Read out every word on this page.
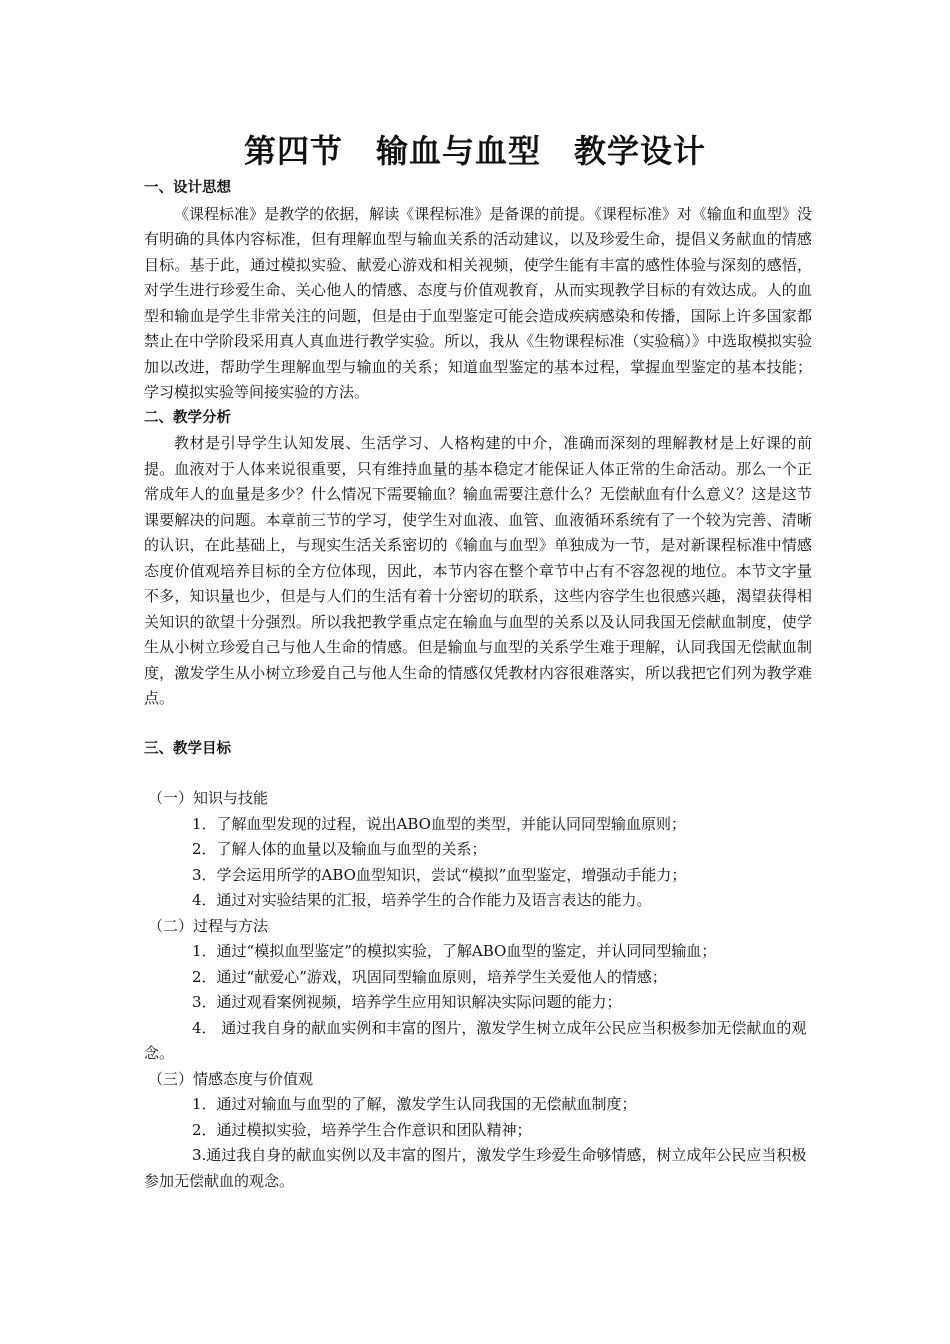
第四节　输血与血型　教学设计
一、设计思想
《课程标准》是教学的依据，解读《课程标准》是备课的前提。《课程标准》对《输血和血型》没有明确的具体内容标准，但有理解血型与输血关系的活动建议，以及珍爱生命，提倡义务献血的情感目标。基于此，通过模拟实验、献爱心游戏和相关视频，使学生能有丰富的感性体验与深刻的感悟，对学生进行珍爱生命、关心他人的情感、态度与价值观教育，从而实现教学目标的有效达成。人的血型和输血是学生非常关注的问题，但是由于血型鉴定可能会造成疾病感染和传播，国际上许多国家都禁止在中学阶段采用真人真血进行教学实验。所以，我从《生物课程标准（实验稿）》中选取模拟实验加以改进，帮助学生理解血型与输血的关系；知道血型鉴定的基本过程，掌握血型鉴定的基本技能；学习模拟实验等间接实验的方法。
二、教学分析
教材是引导学生认知发展、生活学习、人格构建的中介，准确而深刻的理解教材是上好课的前提。血液对于人体来说很重要，只有维持血量的基本稳定才能保证人体正常的生命活动。那么一个正常成年人的血量是多少？什么情况下需要输血？输血需要注意什么？无偿献血有什么意义？这是这节课要解决的问题。本章前三节的学习，使学生对血液、血管、血液循环系统有了一个较为完善、清晰的认识，在此基础上，与现实生活关系密切的《输血与血型》单独成为一节，是对新课程标准中情感态度价值观培养目标的全方位体现，因此，本节内容在整个章节中占有不容忽视的地位。本节文字量不多，知识量也少，但是与人们的生活有着十分密切的联系，这些内容学生也很感兴趣，渴望获得相关知识的欲望十分强烈。所以我把教学重点定在输血与血型的关系以及认同我国无偿献血制度，使学生从小树立珍爱自己与他人生命的情感。但是输血与血型的关系学生难于理解，认同我国无偿献血制度，激发学生从小树立珍爱自己与他人生命的情感仅凭教材内容很难落实，所以我把它们列为教学难点。
三、教学目标
（一）知识与技能
1．了解血型发现的过程，说出ABO血型的类型，并能认同同型输血原则；
2．了解人体的血量以及输血与血型的关系；
3．学会运用所学的ABO血型知识，尝试“模拟”血型鉴定，增强动手能力；
4．通过对实验结果的汇报，培养学生的合作能力及语言表达的能力。
（二）过程与方法
1．通过“模拟血型鉴定”的模拟实验，了解ABO血型的鉴定，并认同同型输血；
2．通过“献爱心”游戏，巩固同型输血原则，培养学生关爱他人的情感；
3．通过观看案例视频，培养学生应用知识解决实际问题的能力；
4． 通过我自身的献血实例和丰富的图片，激发学生树立成年公民应当积极参加无偿献血的观念。
（三）情感态度与价值观
1．通过对输血与血型的了解，激发学生认同我国的无偿献血制度；
2．通过模拟实验，培养学生合作意识和团队精神；
3.通过我自身的献血实例以及丰富的图片，激发学生珍爱生命够情感，树立成年公民应当积极参加无偿献血的观念。
